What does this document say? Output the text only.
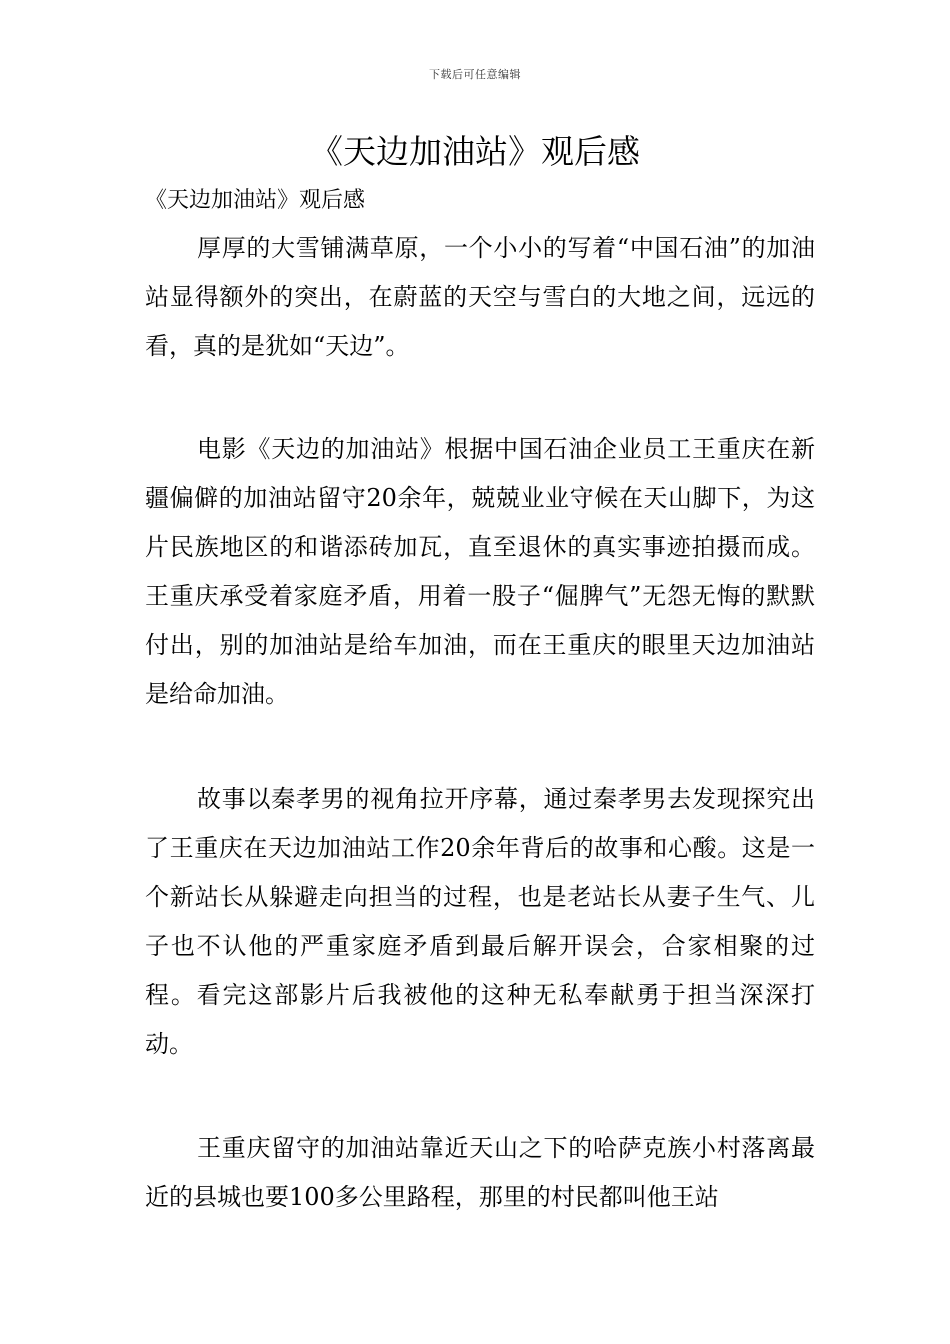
下载后可任意编辑
《天边加油站》观后感

《天边加油站》观后感

厚厚的大雪铺满草原，一个小小的写着“中国石油”的加油站显得额外的突出，在蔚蓝的天空与雪白的大地之间，远远的看，真的是犹如“天边”。

电影《天边的加油站》根据中国石油企业员工王重庆在新疆偏僻的加油站留守20余年，兢兢业业守候在天山脚下，为这片民族地区的和谐添砖加瓦，直至退休的真实事迹拍摄而成。王重庆承受着家庭矛盾，用着一股子“倔脾气”无怨无悔的默默付出，别的加油站是给车加油，而在王重庆的眼里天边加油站是给命加油。

故事以秦孝男的视角拉开序幕，通过秦孝男去发现探究出了王重庆在天边加油站工作20余年背后的故事和心酸。这是一个新站长从躲避走向担当的过程，也是老站长从妻子生气、儿子也不认他的严重家庭矛盾到最后解开误会，合家相聚的过程。看完这部影片后我被他的这种无私奉献勇于担当深深打动。

王重庆留守的加油站靠近天山之下的哈萨克族小村落离最近的县城也要100多公里路程，那里的村民都叫他王站
